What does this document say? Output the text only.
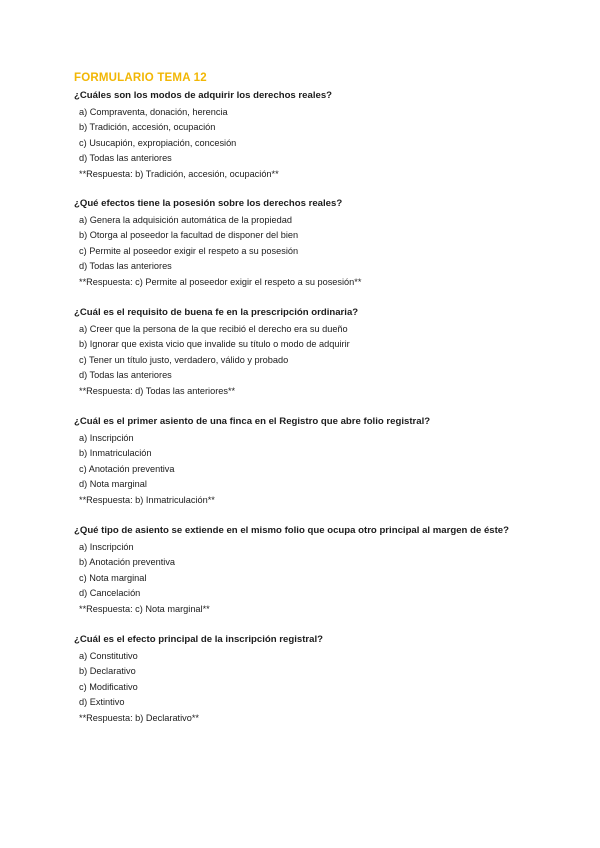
FORMULARIO TEMA 12
¿Cuáles son los modos de adquirir los derechos reales?
a) Compraventa, donación, herencia
b) Tradición, accesión, ocupación
c) Usucapión, expropiación, concesión
d) Todas las anteriores
**Respuesta: b) Tradición, accesión, ocupación**
¿Qué efectos tiene la posesión sobre los derechos reales?
a) Genera la adquisición automática de la propiedad
b) Otorga al poseedor la facultad de disponer del bien
c) Permite al poseedor exigir el respeto a su posesión
d) Todas las anteriores
**Respuesta: c) Permite al poseedor exigir el respeto a su posesión**
¿Cuál es el requisito de buena fe en la prescripción ordinaria?
a) Creer que la persona de la que recibió el derecho era su dueño
b) Ignorar que exista vicio que invalide su título o modo de adquirir
c) Tener un título justo, verdadero, válido y probado
d) Todas las anteriores
**Respuesta: d) Todas las anteriores**
¿Cuál es el primer asiento de una finca en el Registro que abre folio registral?
a) Inscripción
b) Inmatriculación
c) Anotación preventiva
d) Nota marginal
**Respuesta: b) Inmatriculación**
¿Qué tipo de asiento se extiende en el mismo folio que ocupa otro principal al margen de éste?
a) Inscripción
b) Anotación preventiva
c) Nota marginal
d) Cancelación
**Respuesta: c) Nota marginal**
¿Cuál es el efecto principal de la inscripción registral?
a) Constitutivo
b) Declarativo
c) Modificativo
d) Extintivo
**Respuesta: b) Declarativo**
